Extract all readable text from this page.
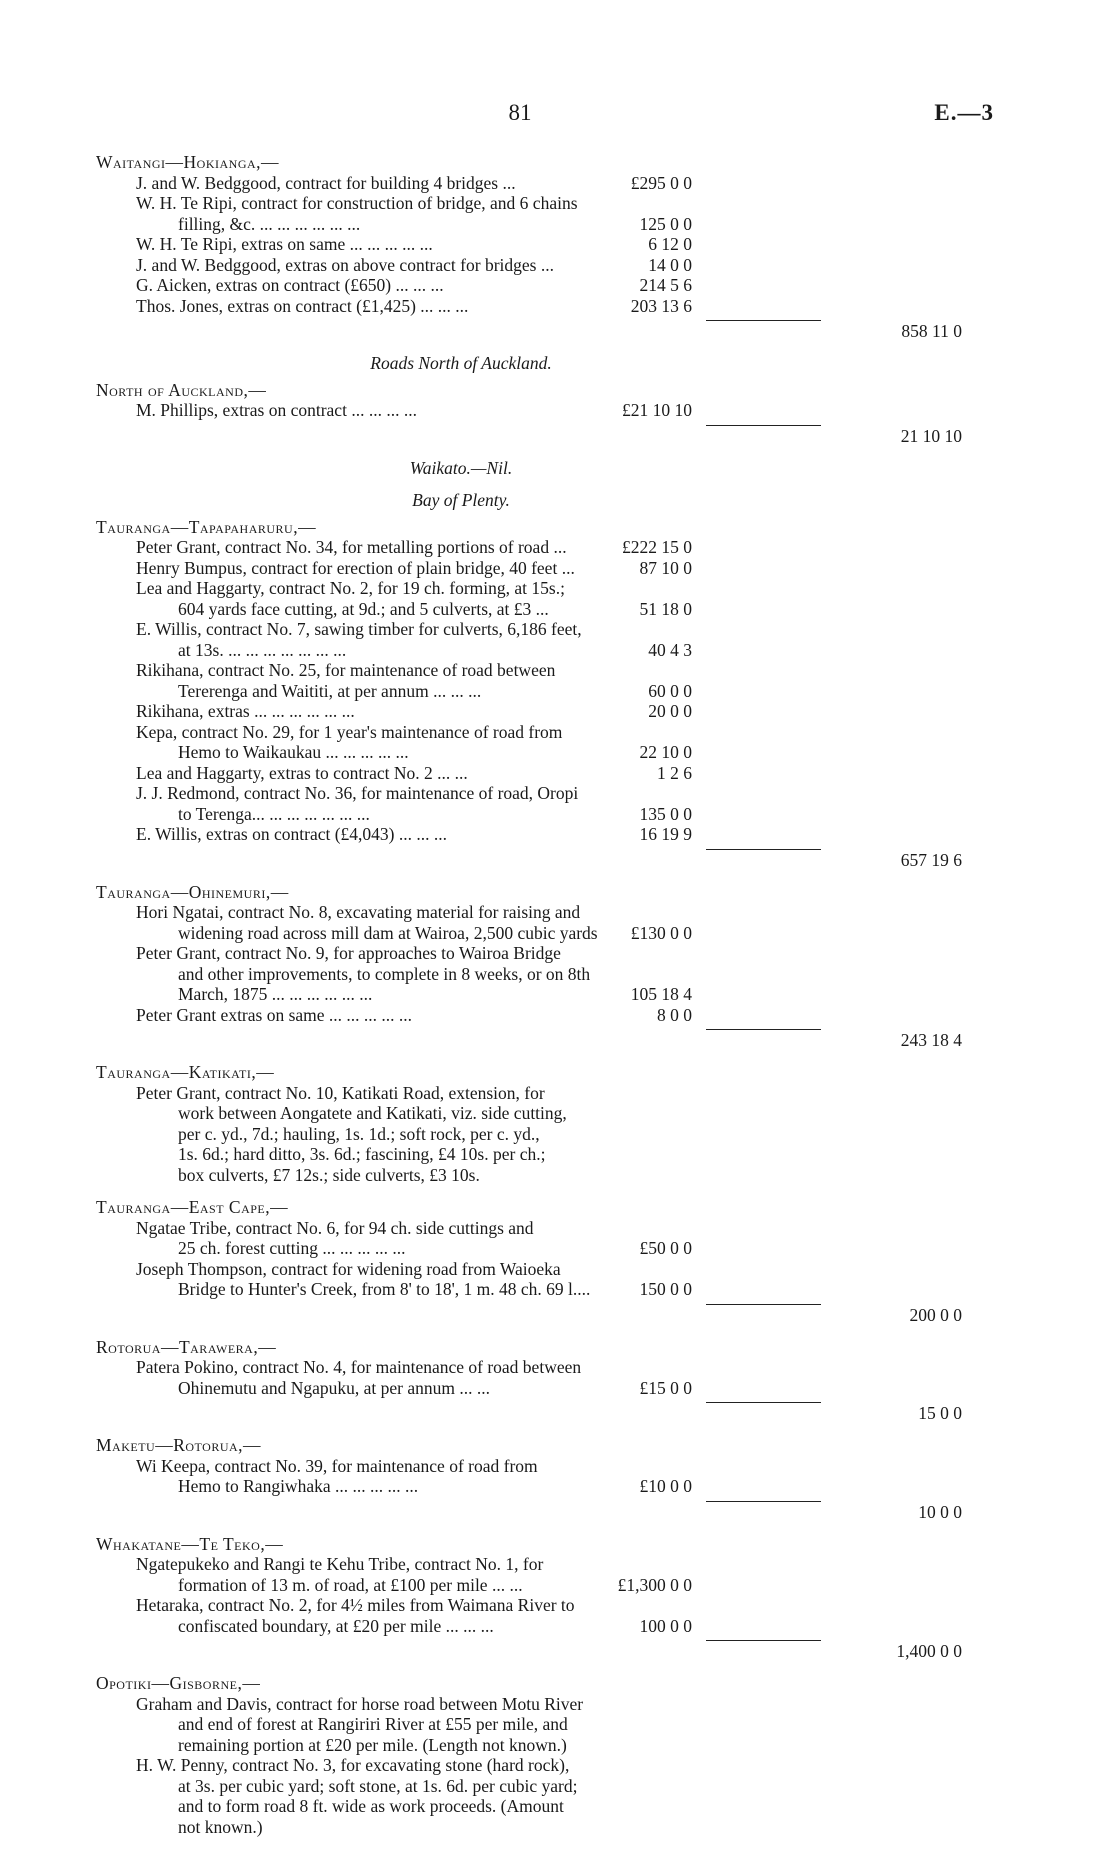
81	E.—3
Waitangi—Hokianga,—
J. and W. Bedggood, contract for building 4 bridges ...	£295 0 0
W. H. Te Ripi, contract for construction of bridge, and 6 chains
filling, &c. ... ... ... ... ... ...	125 0 0
W. H. Te Ripi, extras on same ... ... ... ... ...	6 12 0
J. and W. Bedggood, extras on above contract for bridges ...	14 0 0
G. Aicken, extras on contract (£650) ... ... ...	214 5 6
Thos. Jones, extras on contract (£1,425) ... ... ...	203 13 6
858 11 0
Roads North of Auckland.
North of Auckland,—
M. Phillips, extras on contract ... ... ... ...	£21 10 10
21 10 10
Waikato.—Nil.
Bay of Plenty.
Tauranga—Tapapaharuru,—
Peter Grant, contract No. 34, for metalling portions of road ...	£222 15 0
Henry Bumpus, contract for erection of plain bridge, 40 feet ...	87 10 0
Lea and Haggarty, contract No. 2, for 19 ch. forming, at 15s.;
604 yards face cutting, at 9d.; and 5 culverts, at £3 ...	51 18 0
E. Willis, contract No. 7, sawing timber for culverts, 6,186 feet,
at 13s. ... ... ... ... ... ... ...	40 4 3
Rikihana, contract No. 25, for maintenance of road between
Tererenga and Waititi, at per annum ... ... ...	60 0 0
Rikihana, extras ... ... ... ... ... ...	20 0 0
Kepa, contract No. 29, for 1 year's maintenance of road from
Hemo to Waikaukau ... ... ... ... ...	22 10 0
Lea and Haggarty, extras to contract No. 2 ... ...	1 2 6
J. J. Redmond, contract No. 36, for maintenance of road, Oropi
to Terenga... ... ... ... ... ... ...	135 0 0
E. Willis, extras on contract (£4,043) ... ... ...	16 19 9
657 19 6
Tauranga—Ohinemuri,—
Hori Ngatai, contract No. 8, excavating material for raising and
widening road across mill dam at Wairoa, 2,500 cubic yards	£130 0 0
Peter Grant, contract No. 9, for approaches to Wairoa Bridge
and other improvements, to complete in 8 weeks, or on 8th
March, 1875 ... ... ... ... ... ...	105 18 4
Peter Grant extras on same ... ... ... ... ...	8 0 0
243 18 4
Tauranga—Katikati,—
Peter Grant, contract No. 10, Katikati Road, extension, for
work between Aongatete and Katikati, viz. side cutting,
per c. yd., 7d.; hauling, 1s. 1d.; soft rock, per c. yd.,
1s. 6d.; hard ditto, 3s. 6d.; fascining, £4 10s. per ch.;
box culverts, £7 12s.; side culverts, £3 10s.
Tauranga—East Cape,—
Ngatae Tribe, contract No. 6, for 94 ch. side cuttings and
25 ch. forest cutting ... ... ... ... ...	£50 0 0
Joseph Thompson, contract for widening road from Waioeka
Bridge to Hunter's Creek, from 8' to 18', 1 m. 48 ch. 69 l....	150 0 0
200 0 0
Rotorua—Tarawera,—
Patera Pokino, contract No. 4, for maintenance of road between
Ohinemutu and Ngapuku, at per annum ... ...	£15 0 0
15 0 0
Maketu—Rotorua,—
Wi Keepa, contract No. 39, for maintenance of road from
Hemo to Rangiwhaka ... ... ... ... ...	£10 0 0
10 0 0
Whakatane—Te Teko,—
Ngatepukeko and Rangi te Kehu Tribe, contract No. 1, for
formation of 13 m. of road, at £100 per mile ... ...	£1,300 0 0
Hetaraka, contract No. 2, for 4½ miles from Waimana River to
confiscated boundary, at £20 per mile ... ... ...	100 0 0
1,400 0 0
Opotiki—Gisborne,—
Graham and Davis, contract for horse road between Motu River
and end of forest at Rangiriri River at £55 per mile, and
remaining portion at £20 per mile. (Length not known.)
H. W. Penny, contract No. 3, for excavating stone (hard rock),
at 3s. per cubic yard; soft stone, at 1s. 6d. per cubic yard;
and to form road 8 ft. wide as work proceeds. (Amount
not known.)
